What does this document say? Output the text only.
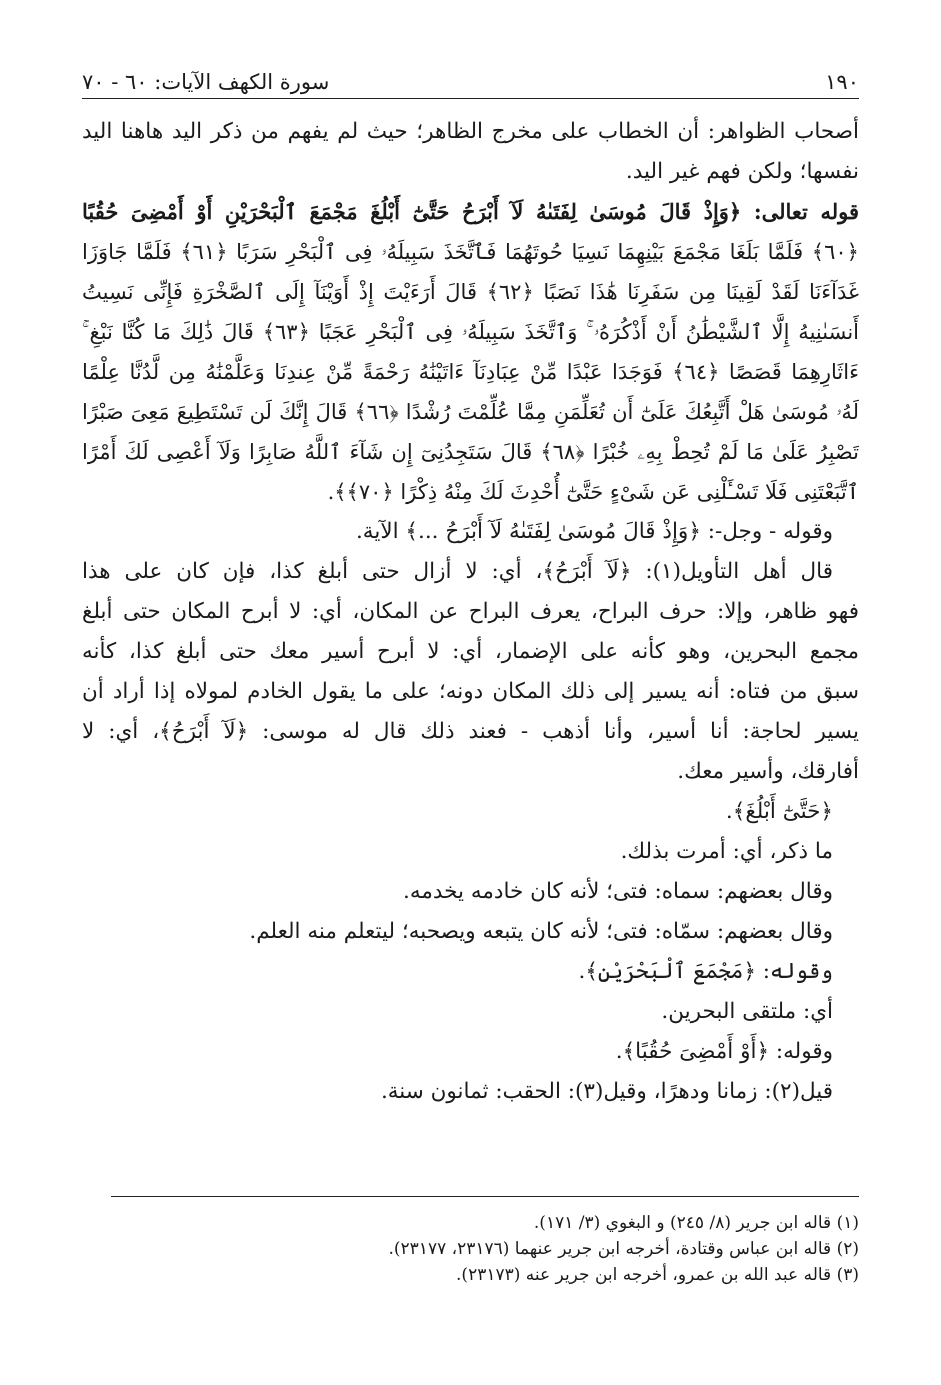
١٩٠
سورة الكهف الآيات: ٦٠ - ٧٠
أصحاب الظواهر: أن الخطاب على مخرج الظاهر؛ حيث لم يفهم من ذكر اليد هاهنا اليد
نفسها؛ ولكن فهم غير اليد.
قوله تعالى: ﴿وَإِذْ قَالَ مُوسَىٰ لِفَتَىٰهُ لَآ أَبْرَحُ حَتَّىٰٓ أَبْلُغَ مَجْمَعَ ٱلْبَحْرَيْنِ أَوْ أَمْضِىَ حُقُبًا
﴿٦٠﴾ فَلَمَّا بَلَغَا مَجْمَعَ بَيْنِهِمَا نَسِيَا حُوتَهُمَا فَٱتَّخَذَ سَبِيلَهُۥ فِى ٱلْبَحْرِ سَرَبًا ﴿٦١﴾ فَلَمَّا جَاوَزَا
غَدَآءَنَا لَقَدْ لَقِينَا مِن سَفَرِنَا هَٰذَا نَصَبًا ﴿٦٢﴾ قَالَ أَرَءَيْتَ إِذْ أَوَيْنَآ إِلَى ٱلصَّخْرَةِ فَإِنِّى نَسِيتُ
أَنسَىٰنِيهُ إِلَّا ٱلشَّيْطَٰنُ أَنْ أَذْكُرَهُۥ ۚ وَٱتَّخَذَ سَبِيلَهُۥ فِى ٱلْبَحْرِ عَجَبًا ﴿٦٣﴾ قَالَ ذَٰلِكَ مَا كُنَّا نَبْغِ ۚ
ءَاثَارِهِمَا قَصَصًا ﴿٦٤﴾ فَوَجَدَا عَبْدًا مِّنْ عِبَادِنَآ ءَاتَيْنَٰهُ رَحْمَةً مِّنْ عِندِنَا وَعَلَّمْنَٰهُ مِن لَّدُنَّا عِلْمًا
لَهُۥ مُوسَىٰ هَلْ أَتَّبِعُكَ عَلَىٰٓ أَن تُعَلِّمَنِ مِمَّا عُلِّمْتَ رُشْدًا ﴿٦٦﴾ قَالَ إِنَّكَ لَن تَسْتَطِيعَ مَعِىَ صَبْرًا
تَصْبِرُ عَلَىٰ مَا لَمْ تُحِطْ بِهِۦ خُبْرًا ﴿٦٨﴾ قَالَ سَتَجِدُنِىٓ إِن شَآءَ ٱللَّهُ صَابِرًا وَلَآ أَعْصِى لَكَ أَمْرًا
ٱتَّبَعْتَنِى فَلَا تَسْـَٔلْنِى عَن شَىْءٍ حَتَّىٰٓ أُحْدِثَ لَكَ مِنْهُ ذِكْرًا ﴿٧٠﴾﴾.
وقوله - وجل-: ﴿وَإِذْ قَالَ مُوسَىٰ لِفَتَىٰهُ لَآ أَبْرَحُ ...﴾ الآية.
قال أهل التأويل(١): ﴿لَآ أَبْرَحُ﴾، أي: لا أزال حتى أبلغ كذا، فإن كان على هذا
فهو ظاهر، وإلا: حرف البراح، يعرف البراح عن المكان، أي: لا أبرح المكان حتى أبلغ
مجمع البحرين، وهو كأنه على الإضمار، أي: لا أبرح أسير معك حتى أبلغ كذا، كأنه
سبق من فتاه: أنه يسير إلى ذلك المكان دونه؛ على ما يقول الخادم لمولاه إذا أراد أن
يسير لحاجة: أنا أسير، وأنا أذهب - فعند ذلك قال له موسى: ﴿لَآ أَبْرَحُ﴾، أي: لا
أفارقك، وأسير معك.
﴿حَتَّىٰٓ أَبْلُغَ﴾.
ما ذكر، أي: أمرت بذلك.
وقال بعضهم: سماه: فتى؛ لأنه كان خادمه يخدمه.
وقال بعضهم: سمّاه: فتى؛ لأنه كان يتبعه ويصحبه؛ ليتعلم منه العلم.
وقوله: ﴿مَجْمَعَ ٱلْبَحْرَيْنِ﴾.
أي: ملتقى البحرين.
وقوله: ﴿أَوْ أَمْضِىَ حُقُبًا﴾.
قيل(٢): زمانا ودهرًا، وقيل(٣): الحقب: ثمانون سنة.
(١) قاله ابن جرير (٨/ ٢٤٥) و البغوي (٣/ ١٧١).
(٢) قاله ابن عباس وقتادة، أخرجه ابن جرير عنهما (٢٣١٧٦، ٢٣١٧٧).
(٣) قاله عبد الله بن عمرو، أخرجه ابن جرير عنه (٢٣١٧٣).
